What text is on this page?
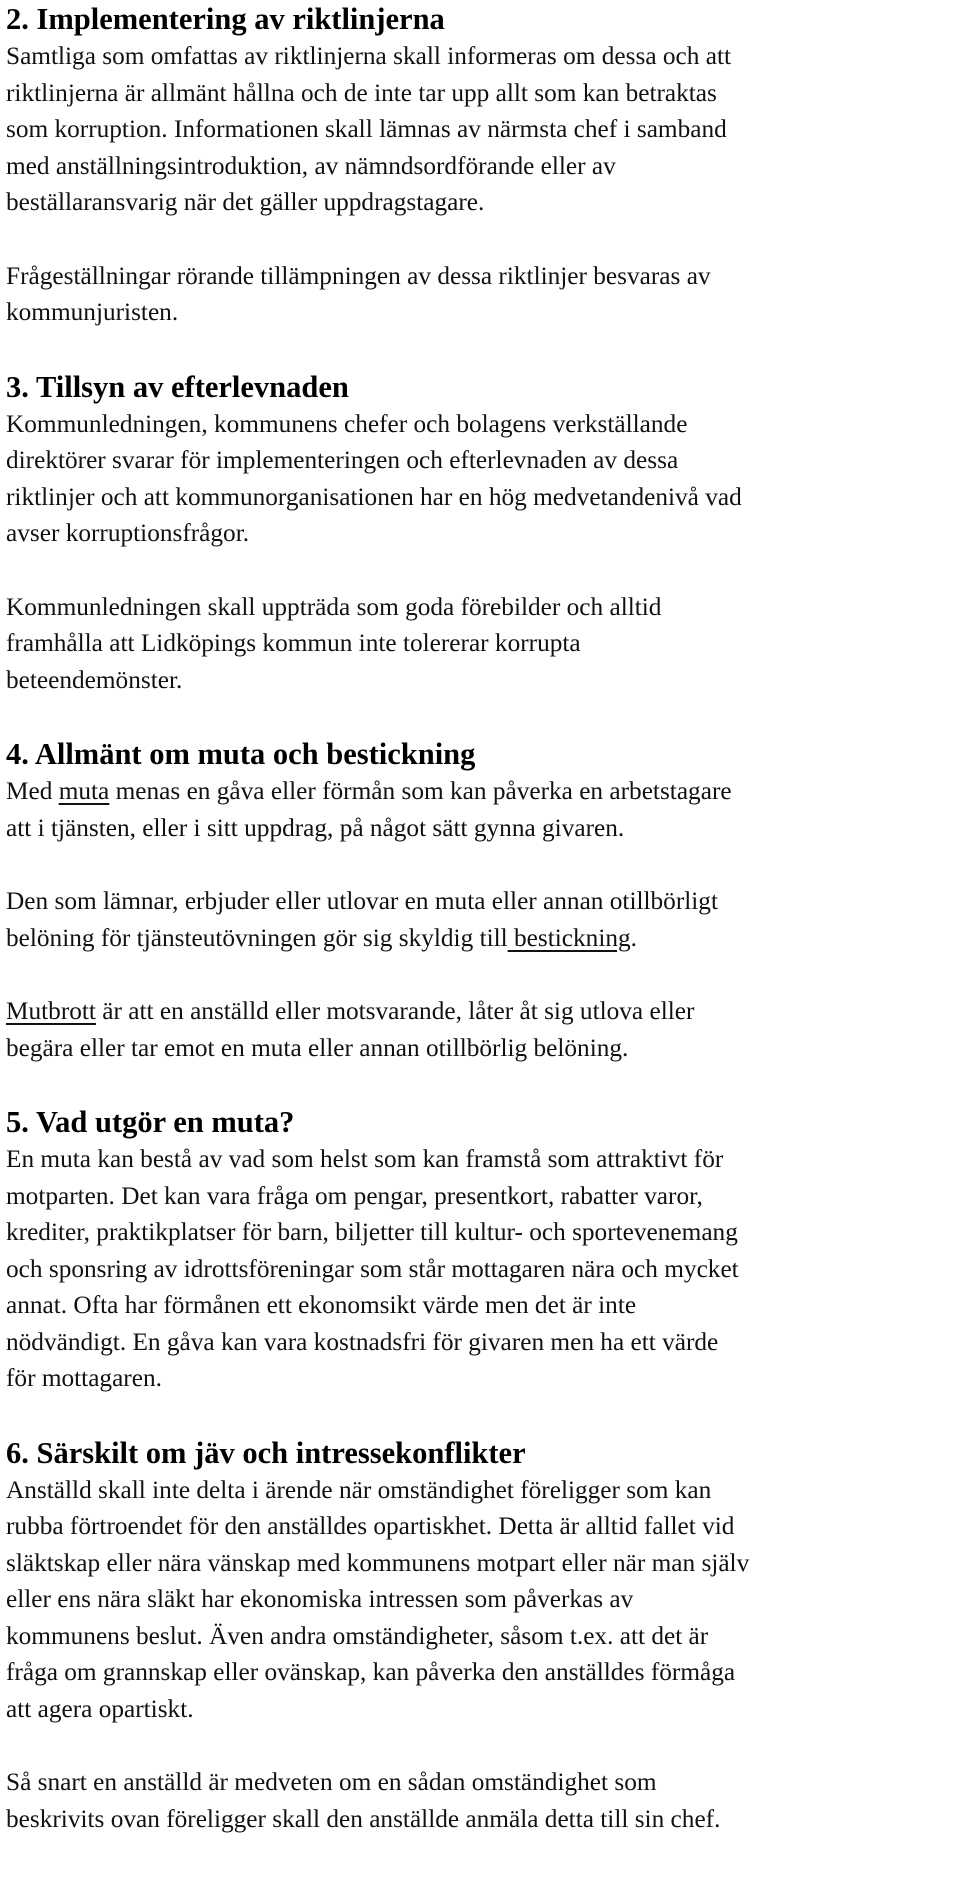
2. Implementering av riktlinjerna

Samtliga som omfattas av riktlinjerna skall informeras om dessa och att
riktlinjerna är allmänt hållna och de inte tar upp allt som kan betraktas
som korruption. Informationen skall lämnas av närmsta chef i samband
med anställningsintroduktion, av nämndsordförande eller av
beställaransvarig när det gäller uppdragstagare.

Frågeställningar rörande tillämpningen av dessa riktlinjer besvaras av
kommunjuristen.

3. Tillsyn av efterlevnaden

Kommunledningen, kommunens chefer och bolagens verkställande
direktörer svarar för implementeringen och efterlevnaden av dessa
riktlinjer och att kommunorganisationen har en hög medvetandenivå vad
avser korruptionsfrågor.

Kommunledningen skall uppträda som goda förebilder och alltid
framhålla att Lidköpings kommun inte tolererar korrupta
beteendemönster.

4. Allmänt om muta och bestickning

Med muta menas en gåva eller förmån som kan påverka en arbetstagare
att i tjänsten, eller i sitt uppdrag, på något sätt gynna givaren.

Den som lämnar, erbjuder eller utlovar en muta eller annan otillbörligt
belöning för tjänsteutövningen gör sig skyldig till bestickning.

Mutbrott är att en anställd eller motsvarande, låter åt sig utlova eller
begära eller tar emot en muta eller annan otillbörlig belöning.

5. Vad utgör en muta?

En muta kan bestå av vad som helst som kan framstå som attraktivt för
motparten. Det kan vara fråga om pengar, presentkort, rabatter varor,
krediter, praktikplatser för barn, biljetter till kultur- och sportevenemang
och sponsring av idrottsföreningar som står mottagaren nära och mycket
annat. Ofta har förmånen ett ekonomsikt värde men det är inte
nödvändigt. En gåva kan vara kostnadsfri för givaren men ha ett värde
för mottagaren.

6. Särskilt om jäv och intressekonflikter

Anställd skall inte delta i ärende när omständighet föreligger som kan
rubba förtroendet för den anställdes opartiskhet. Detta är alltid fallet vid
släktskap eller nära vänskap med kommunens motpart eller när man själv
eller ens nära släkt har ekonomiska intressen som påverkas av
kommunens beslut. Även andra omständigheter, såsom t.ex. att det är
fråga om grannskap eller ovänskap, kan påverka den anställdes förmåga
att agera opartiskt.

Så snart en anställd är medveten om en sådan omständighet som
beskrivits ovan föreligger skall den anställde anmäla detta till sin chef.
